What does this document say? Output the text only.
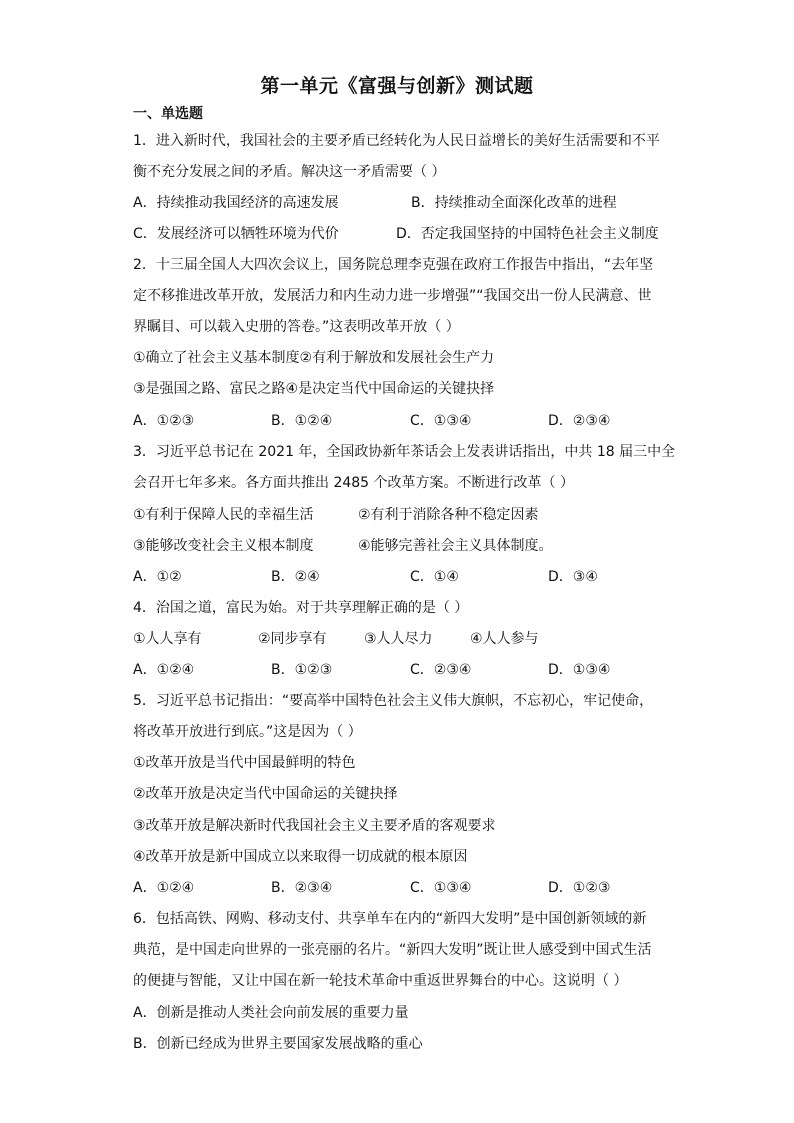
第一单元《富强与创新》测试题
一、单选题
1．进入新时代，我国社会的主要矛盾已经转化为人民日益增长的美好生活需要和不平
衡不充分发展之间的矛盾。解决这一矛盾需要（ ）
A．持续推动我国经济的高速发展	B．持续推动全面深化改革的进程
C．发展经济可以牺牲环境为代价	D．否定我国坚持的中国特色社会主义制度
2．十三届全国人大四次会议上，国务院总理李克强在政府工作报告中指出，“去年坚
定不移推进改革开放，发展活力和内生动力进一步增强”“我国交出一份人民满意、世
界瞩目、可以载入史册的答卷。”这表明改革开放（ ）
①确立了社会主义基本制度②有利于解放和发展社会生产力
③是强国之路、富民之路④是决定当代中国命运的关键抉择
A．①②③	B．①②④	C．①③④	D．②③④
3．习近平总书记在 2021 年，全国政协新年茶话会上发表讲话指出，中共 18 届三中全
会召开七年多来。各方面共推出 2485 个改革方案。不断进行改革（ ）
①有利于保障人民的幸福生活	②有利于消除各种不稳定因素
③能够改变社会主义根本制度	④能够完善社会主义具体制度。
A．①②	B．②④	C．①④	D．③④
4．治国之道，富民为始。对于共享理解正确的是（ ）
①人人享有	②同步享有	③人人尽力	④人人参与
A．①②④	B．①②③	C．②③④	D．①③④
5．习近平总书记指出：“要高举中国特色社会主义伟大旗帜，不忘初心，牢记使命，
将改革开放进行到底。”这是因为（ ）
①改革开放是当代中国最鲜明的特色
②改革开放是决定当代中国命运的关键抉择
③改革开放是解决新时代我国社会主义主要矛盾的客观要求
④改革开放是新中国成立以来取得一切成就的根本原因
A．①②④	B．②③④	C．①③④	D．①②③
6．包括高铁、网购、移动支付、共享单车在内的“新四大发明”是中国创新领域的新
典范，是中国走向世界的一张亮丽的名片。“新四大发明”既让世人感受到中国式生活
的便捷与智能，又让中国在新一轮技术革命中重返世界舞台的中心。这说明（ ）
A．创新是推动人类社会向前发展的重要力量
B．创新已经成为世界主要国家发展战略的重心
